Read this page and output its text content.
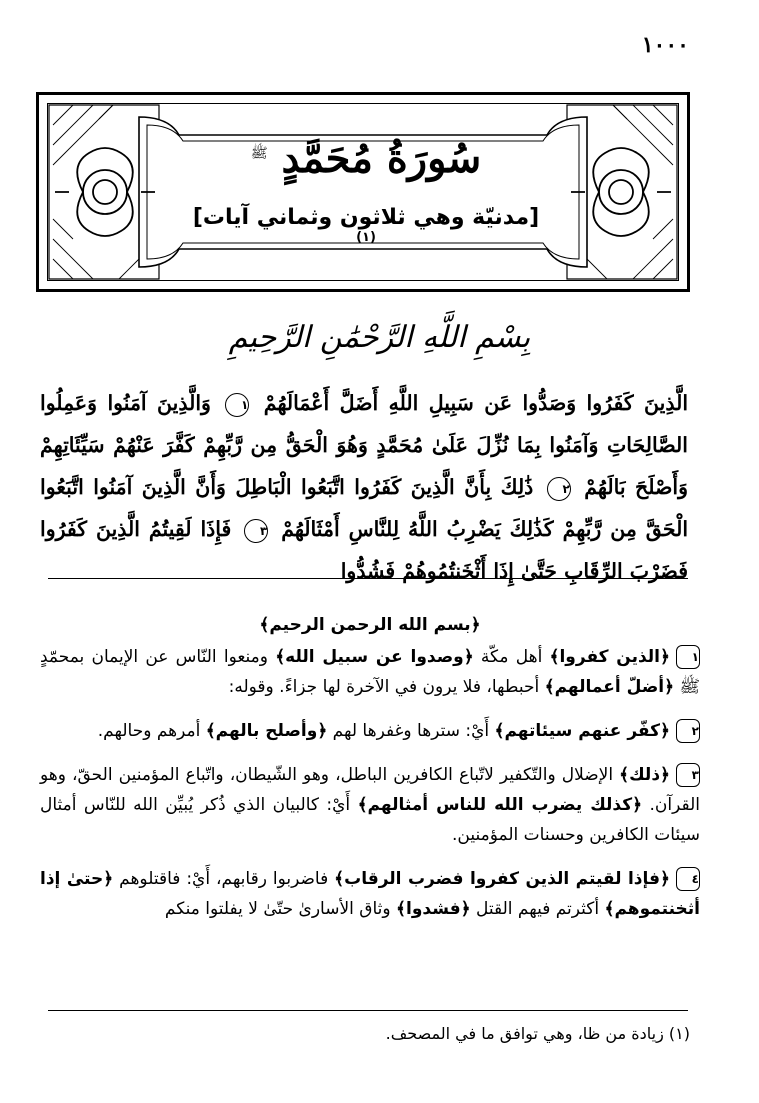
١٠٠٠
سُورَةُ مُحَمَّدٍ $^ﷺ$
[مدنيّة وهي ثلاثون وثماني آيات]$^{(١)}$
بِسْمِ اللَّهِ الرَّحْمَٰنِ الرَّحِيمِ
الَّذِينَ كَفَرُوا وَصَدُّوا عَن سَبِيلِ اللَّهِ أَضَلَّ أَعْمَالَهُمْ ١ وَالَّذِينَ آمَنُوا وَعَمِلُوا الصَّالِحَاتِ وَآمَنُوا بِمَا نُزِّلَ عَلَىٰ مُحَمَّدٍ وَهُوَ الْحَقُّ مِن رَّبِّهِمْ كَفَّرَ عَنْهُمْ سَيِّئَاتِهِمْ وَأَصْلَحَ بَالَهُمْ ٢ ذَٰلِكَ بِأَنَّ الَّذِينَ كَفَرُوا اتَّبَعُوا الْبَاطِلَ وَأَنَّ الَّذِينَ آمَنُوا اتَّبَعُوا الْحَقَّ مِن رَّبِّهِمْ كَذَٰلِكَ يَضْرِبُ اللَّهُ لِلنَّاسِ أَمْثَالَهُمْ ٣ فَإِذَا لَقِيتُمُ الَّذِينَ كَفَرُوا فَضَرْبَ الرِّقَابِ حَتَّىٰ إِذَا أَثْخَنتُمُوهُمْ فَشُدُّوا
﴿بسم الله الرحمن الرحيم﴾
١﴿الذين كفروا﴾ أهل مكّة ﴿وصدوا عن سبيل الله﴾ ومنعوا النّاس عن الإيمان بمحمّدٍ ﷺ ﴿أضلّ أعمالهم﴾ أحبطها، فلا يرون في الآخرة لها جزاءً. وقوله:
٢﴿كفّر عنهم سيئاتهم﴾ أَيْ: سترها وغفرها لهم ﴿وأصلح بالهم﴾ أمرهم وحالهم.
٣﴿ذلك﴾ الإضلال والتّكفير لاتّباع الكافرين الباطل، وهو الشّيطان، واتّباع المؤمنين الحقّ، وهو القرآن. ﴿كذلك يضرب الله للناس أمثالهم﴾ أَيْ: كالبيان الذي ذُكر يُبيِّن الله للنّاس أمثال سيئات الكافرين وحسنات المؤمنين.
٤﴿فإذا لقيتم الذين كفروا فضرب الرقاب﴾ فاضربوا رقابهم، أَيْ: فاقتلوهم ﴿حتىٰ إذا أثخنتموهم﴾ أكثرتم فيهم القتل ﴿فشدوا﴾ وثاق الأسارىٰ حتّىٰ لا يفلتوا منكم
(١) زيادة من ظا، وهي توافق ما في المصحف.
